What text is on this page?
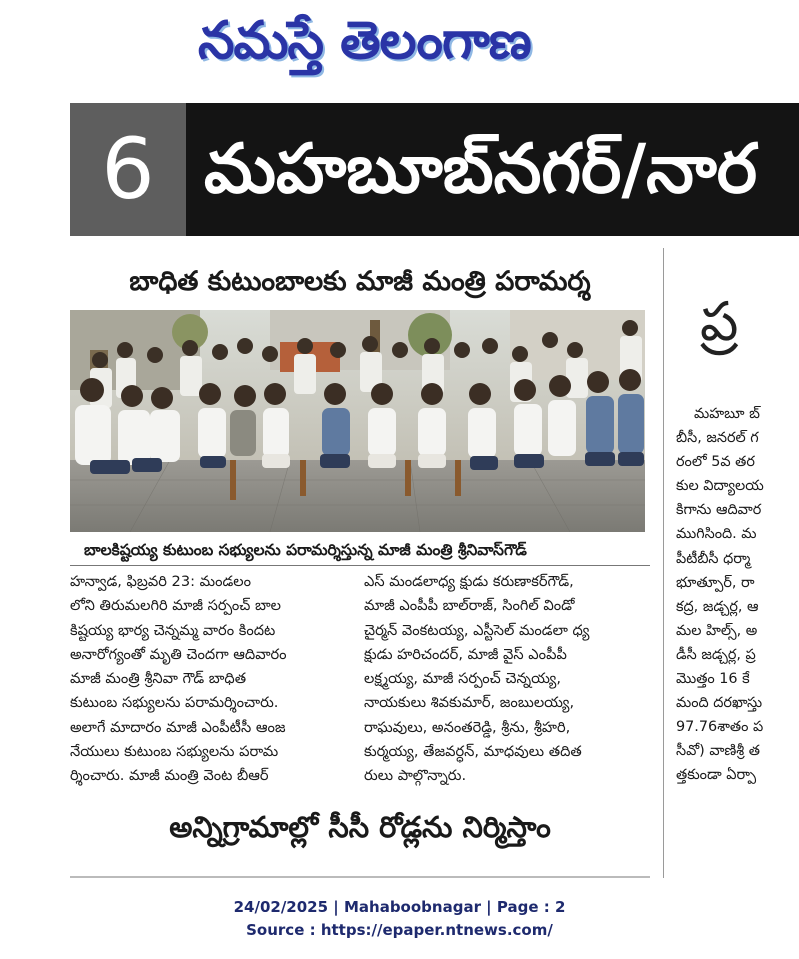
నమస్తే తెలంగాణ
6 మహబూబ్‌నగర్/నార
బాధిత కుటుంబాలకు మాజీ మంత్రి పరామర్శ
బాలకిష్టయ్య కుటుంబ సభ్యులను పరామర్శిస్తున్న మాజీ మంత్రి శ్రీనివాస్‌గౌడ్

హన్వాడ, ఫిబ్రవరి 23: మండలం

లోని తిరుమలగిరి మాజీ సర్పంచ్ బాల

కిష్టయ్య భార్య చెన్నమ్మ వారం కిందట

అనారోగ్యంతో మృతి చెందగా ఆదివారం

మాజీ మంత్రి శ్రీనివా గౌడ్ బాధిత

కుటుంబ సభ్యులను పరామర్శించారు.

అలాగే మాదారం మాజీ ఎంపీటీసీ ఆంజ

నేయులు కుటుంబ సభ్యులను పరామ

ర్శించారు. మాజీ మంత్రి వెంట బీఆర్

ఎస్ మండలాధ్య క్షుడు కరుణాకర్‌గౌడ్,

మాజీ ఎంపీపీ బాల్‌రాజ్, సింగిల్ విండో

చైర్మన్ వెంకటయ్య, ఎస్టీసెల్ మండలా ధ్య

క్షుడు హరిచందర్, మాజీ వైస్ ఎంపీపీ

లక్ష్మయ్య, మాజీ సర్పంచ్ చెన్నయ్య,

నాయకులు శివకుమార్, జంబులయ్య,

రాఘవులు, అనంతరెడ్డి, శ్రీను, శ్రీహరి,

కుర్మయ్య, తేజవర్ధన్, మాధవులు తదిత

రులు పాల్గొన్నారు.

అన్నిగ్రామాల్లో సీసీ రోడ్లను నిర్మిస్తాం
ప్ర

మహబూ బ్

బీసీ, జనరల్ గ

రంలో 5వ తర

కుల విద్యాలయ

కిగాను ఆదివార

ముగిసింది. మ

పీటీబీసీ ధర్మా

భూత్పూర్, రా

కద్ర, జడ్చర్ల, ఆ

మల హిల్స్, అ

డీసీ జడ్చర్ల, ప్ర

మొత్తం 16 కే

మంది దరఖాస్తు

97.76శాతం ప

సీవో) వాణిశ్రీ త

త్తకుండా ఏర్పా

24/02/2025 | Mahaboobnagar | Page : 2
Source : https://epaper.ntnews.com/
